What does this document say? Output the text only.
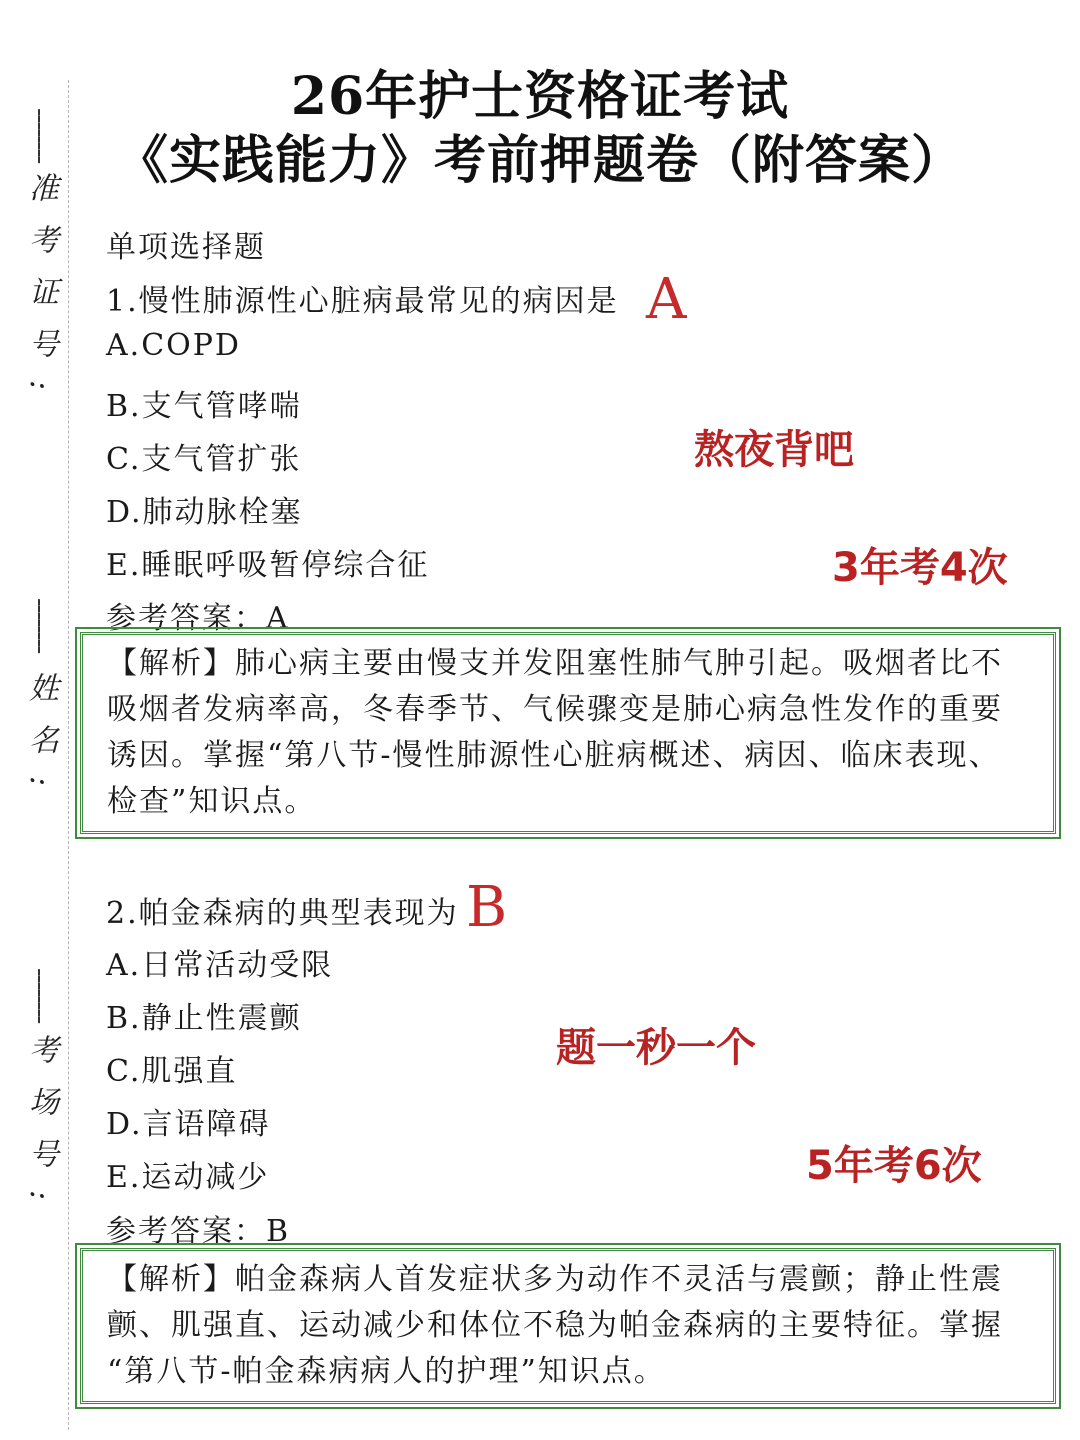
--------
准考证号:
--------
姓名:
--------
考场号:
26年护士资格证考试
《实践能力》考前押题卷（附答案）
单项选择题
1.慢性肺源性心脏病最常见的病因是 A
A.COPD
B.支气管哮喘
C.支气管扩张
D.肺动脉栓塞
E.睡眠呼吸暂停综合征
参考答案：A
熬夜背吧
3年考4次
【解析】肺心病主要由慢支并发阻塞性肺气肿引起。吸烟者比不
吸烟者发病率高，冬春季节、气候骤变是肺心病急性发作的重要
诱因。掌握“第八节-慢性肺源性心脏病概述、病因、临床表现、
检查”知识点。
2.帕金森病的典型表现为 B
A.日常活动受限
B.静止性震颤
C.肌强直
D.言语障碍
E.运动减少
参考答案：B
题一秒一个
5年考6次
【解析】帕金森病人首发症状多为动作不灵活与震颤；静止性震
颤、肌强直、运动减少和体位不稳为帕金森病的主要特征。掌握
“第八节-帕金森病病人的护理”知识点。
